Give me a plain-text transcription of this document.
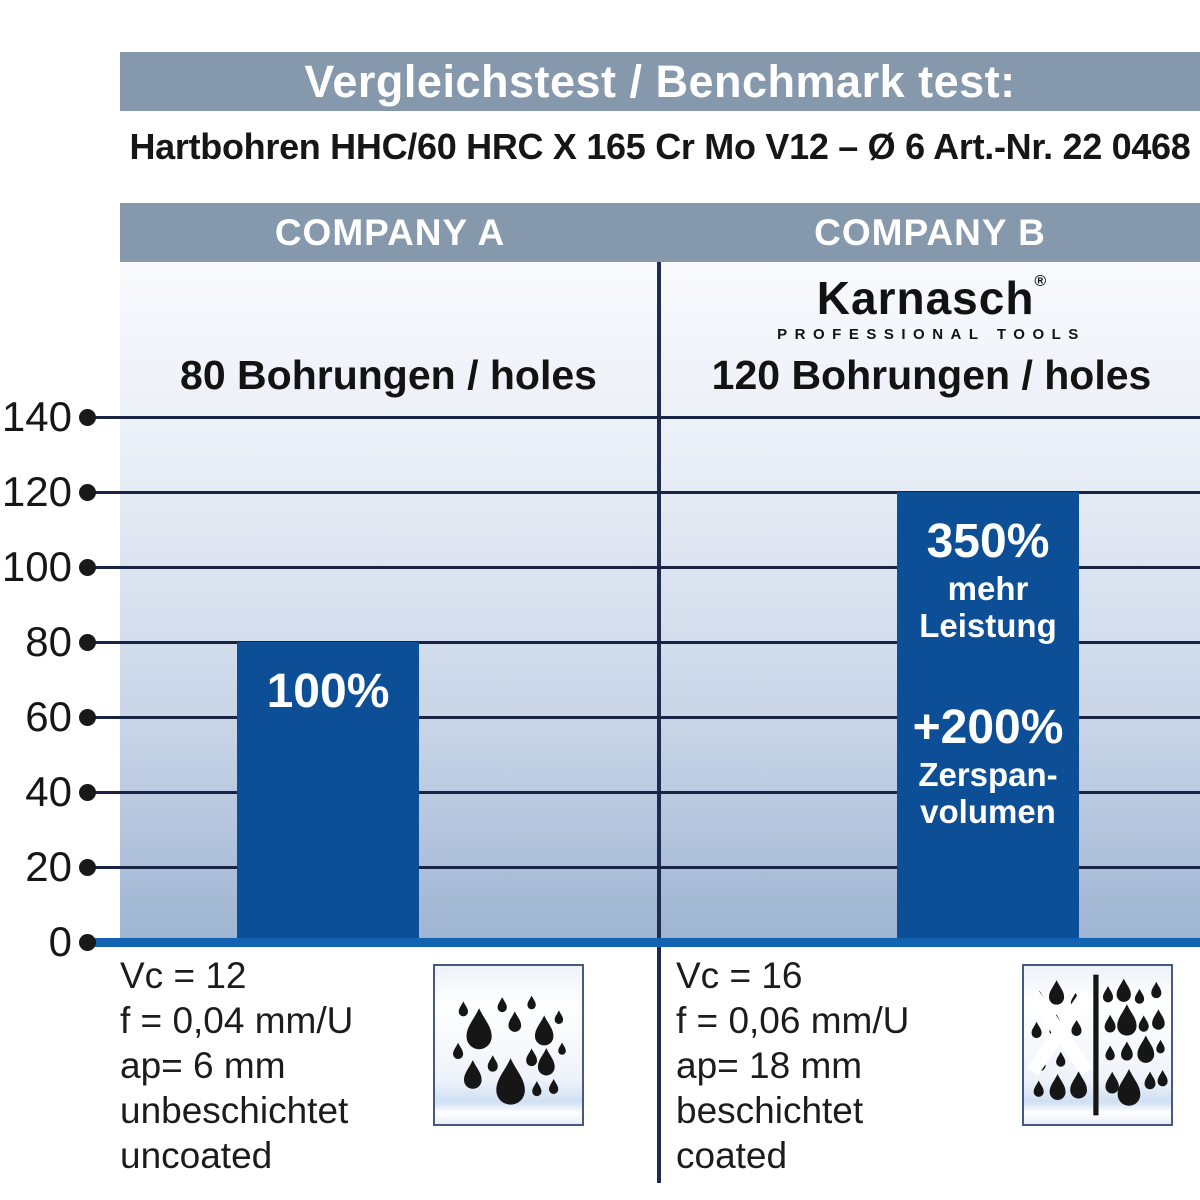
Vergleichstest / Benchmark test:
Hartbohren HHC/60 HRC X 165 Cr Mo V12 – Ø 6 Art.-Nr. 22 0468
COMPANY A	COMPANY B
Karnasch®
PROFESSIONAL TOOLS
80 Bohrungen / holes	120 Bohrungen / holes
140
120
100
80
60
40
20
0
100%
350%
mehr
Leistung
+200%
Zerspan-
volumen
Vc = 12
f = 0,04 mm/U
ap= 6 mm
unbeschichtet
uncoated
Vc = 16
f = 0,06 mm/U
ap= 18 mm
beschichtet
coated
